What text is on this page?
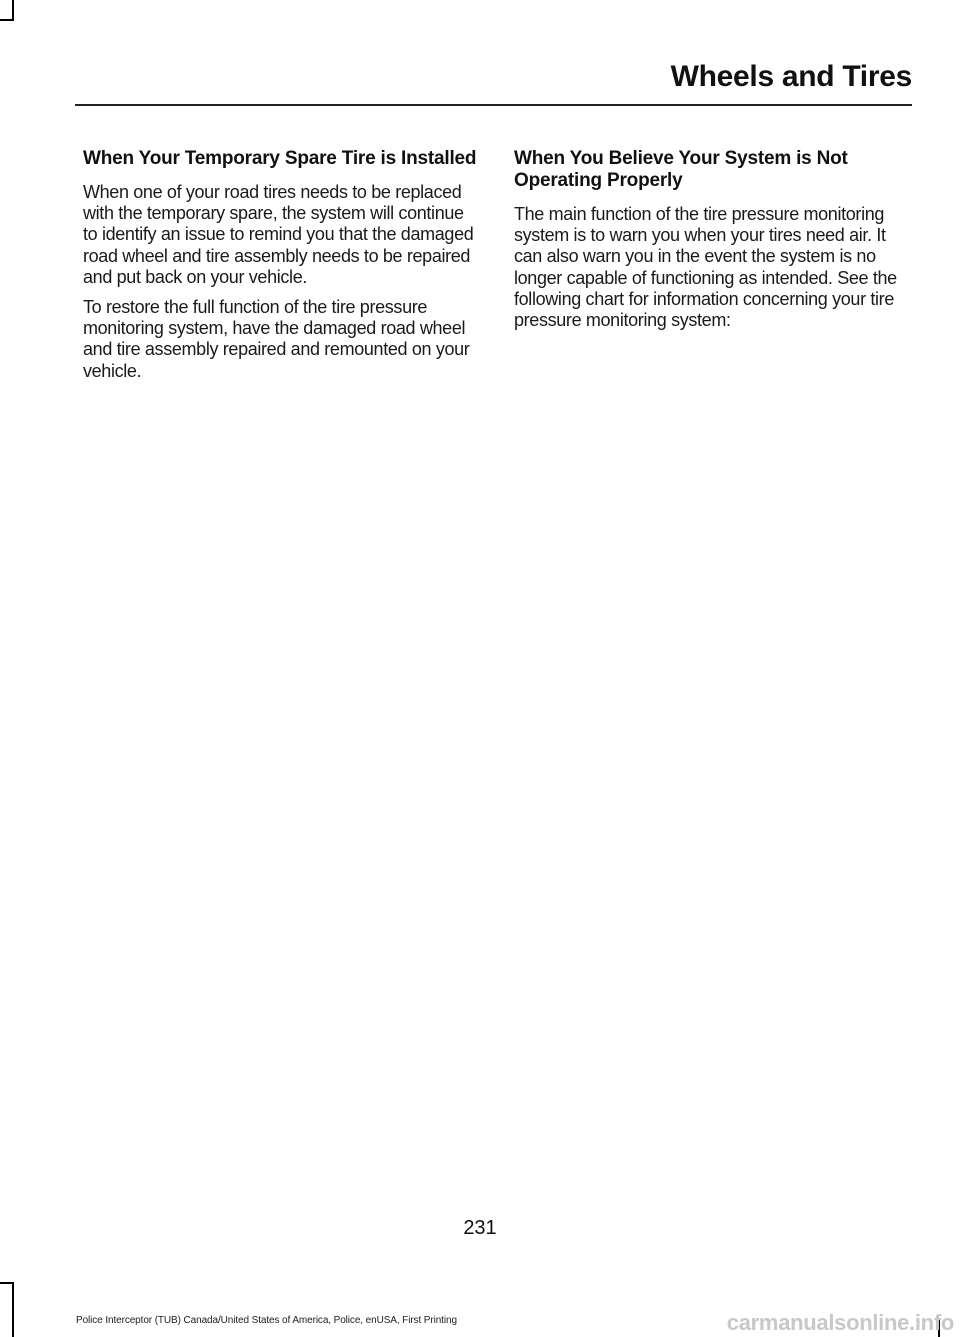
Wheels and Tires
When Your Temporary Spare Tire is Installed

When one of your road tires needs to be replaced with the temporary spare, the system will continue to identify an issue to remind you that the damaged road wheel and tire assembly needs to be repaired and put back on your vehicle.

To restore the full function of the tire pressure monitoring system, have the damaged road wheel and tire assembly repaired and remounted on your vehicle.

When You Believe Your System is Not Operating Properly

The main function of the tire pressure monitoring system is to warn you when your tires need air. It can also warn you in the event the system is no longer capable of functioning as intended. See the following chart for information concerning your tire pressure monitoring system:

231
Police Interceptor (TUB) Canada/United States of America, Police, enUSA, First Printing	carmanualsonline.info
